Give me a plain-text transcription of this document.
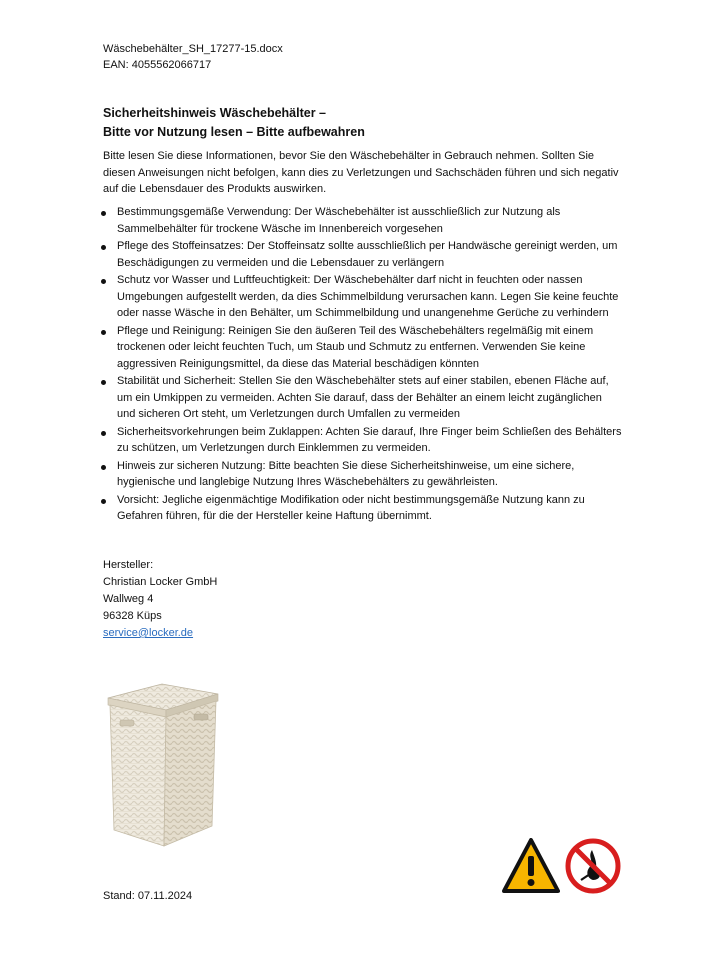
Wäschebehälter_SH_17277-15.docx
EAN: 4055562066717
Sicherheitshinweis Wäschebehälter –
Bitte vor Nutzung lesen – Bitte aufbewahren
Bitte lesen Sie diese Informationen, bevor Sie den Wäschebehälter in Gebrauch nehmen. Sollten Sie diesen Anweisungen nicht befolgen, kann dies zu Verletzungen und Sachschäden führen und sich negativ auf die Lebensdauer des Produkts auswirken.
Bestimmungsgemäße Verwendung: Der Wäschebehälter ist ausschließlich zur Nutzung als Sammelbehälter für trockene Wäsche im Innenbereich vorgesehen
Pflege des Stoffeinsatzes: Der Stoffeinsatz sollte ausschließlich per Handwäsche gereinigt werden, um Beschädigungen zu vermeiden und die Lebensdauer zu verlängern
Schutz vor Wasser und Luftfeuchtigkeit: Der Wäschebehälter darf nicht in feuchten oder nassen Umgebungen aufgestellt werden, da dies Schimmelbildung verursachen kann. Legen Sie keine feuchte oder nasse Wäsche in den Behälter, um Schimmelbildung und unangenehme Gerüche zu verhindern
Pflege und Reinigung: Reinigen Sie den äußeren Teil des Wäschebehälters regelmäßig mit einem trockenen oder leicht feuchten Tuch, um Staub und Schmutz zu entfernen. Verwenden Sie keine aggressiven Reinigungsmittel, da diese das Material beschädigen könnten
Stabilität und Sicherheit: Stellen Sie den Wäschebehälter stets auf einer stabilen, ebenen Fläche auf, um ein Umkippen zu vermeiden. Achten Sie darauf, dass der Behälter an einem leicht zugänglichen und sicheren Ort steht, um Verletzungen durch Umfallen zu vermeiden
Sicherheitsvorkehrungen beim Zuklappen: Achten Sie darauf, Ihre Finger beim Schließen des Behälters zu schützen, um Verletzungen durch Einklemmen zu vermeiden.
Hinweis zur sicheren Nutzung: Bitte beachten Sie diese Sicherheitshinweise, um eine sichere, hygienische und langlebige Nutzung Ihres Wäschebehälters zu gewährleisten.
Vorsicht: Jegliche eigenmächtige Modifikation oder nicht bestimmungsgemäße Nutzung kann zu Gefahren führen, für die der Hersteller keine Haftung übernimmt.
Hersteller:
Christian Locker GmbH
Wallweg 4
96328 Küps
service@locker.de
Stand: 07.11.2024
